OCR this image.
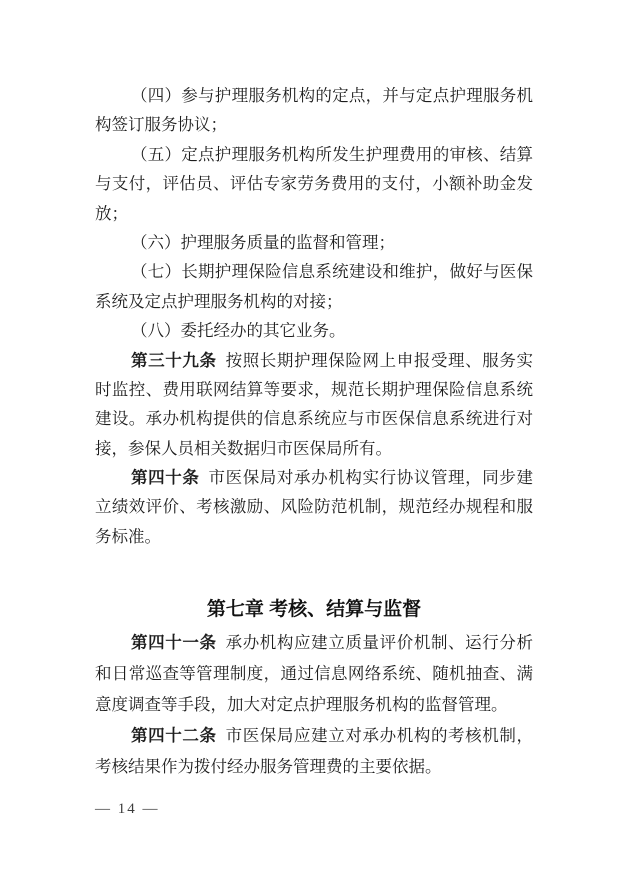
（四）参与护理服务机构的定点，并与定点护理服务机
构签订服务协议；
（五）定点护理服务机构所发生护理费用的审核、结算
与支付，评估员、评估专家劳务费用的支付，小额补助金发
放；
（六）护理服务质量的监督和管理；
（七）长期护理保险信息系统建设和维护，做好与医保
系统及定点护理服务机构的对接；
（八）委托经办的其它业务。
第三十九条 按照长期护理保险网上申报受理、服务实
时监控、费用联网结算等要求，规范长期护理保险信息系统
建设。承办机构提供的信息系统应与市医保信息系统进行对
接，参保人员相关数据归市医保局所有。
第四十条 市医保局对承办机构实行协议管理，同步建
立绩效评价、考核激励、风险防范机制，规范经办规程和服
务标准。
第七章 考核、结算与监督
第四十一条 承办机构应建立质量评价机制、运行分析
和日常巡查等管理制度，通过信息网络系统、随机抽查、满
意度调查等手段，加大对定点护理服务机构的监督管理。
第四十二条 市医保局应建立对承办机构的考核机制，
考核结果作为拨付经办服务管理费的主要依据。
— 14 —
